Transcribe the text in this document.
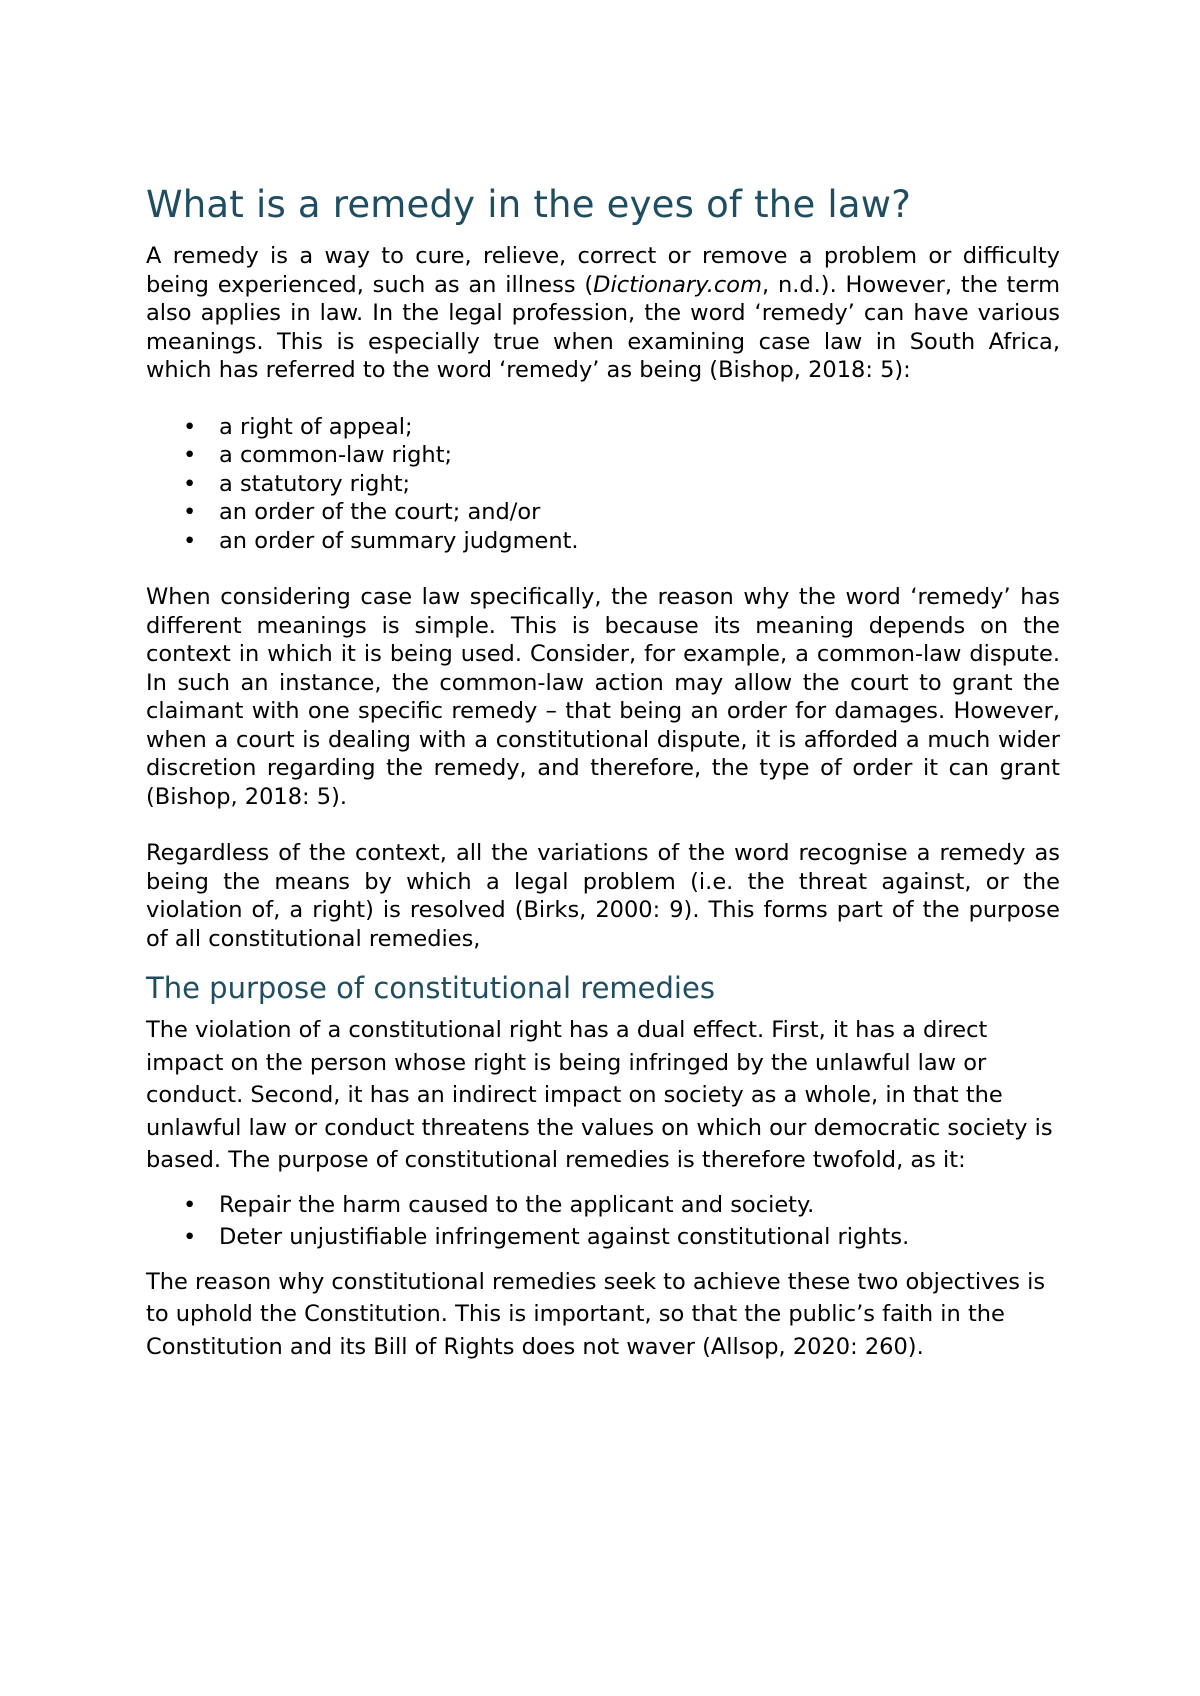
What is a remedy in the eyes of the law?

A remedy is a way to cure, relieve, correct or remove a problem or difficulty being experienced, such as an illness (Dictionary.com, n.d.). However, the term also applies in law. In the legal profession, the word ‘remedy’ can have various meanings. This is especially true when examining case law in South Africa, which has referred to the word ‘remedy’ as being (Bishop, 2018: 5):

• a right of appeal;
• a common-law right;
• a statutory right;
• an order of the court; and/or
• an order of summary judgment.

When considering case law specifically, the reason why the word ‘remedy’ has different meanings is simple. This is because its meaning depends on the context in which it is being used. Consider, for example, a common-law dispute. In such an instance, the common-law action may allow the court to grant the claimant with one specific remedy – that being an order for damages. However, when a court is dealing with a constitutional dispute, it is afforded a much wider discretion regarding the remedy, and therefore, the type of order it can grant (Bishop, 2018: 5).

Regardless of the context, all the variations of the word recognise a remedy as being the means by which a legal problem (i.e. the threat against, or the violation of, a right) is resolved (Birks, 2000: 9). This forms part of the purpose of all constitutional remedies,

The purpose of constitutional remedies

The violation of a constitutional right has a dual effect. First, it has a direct impact on the person whose right is being infringed by the unlawful law or conduct. Second, it has an indirect impact on society as a whole, in that the unlawful law or conduct threatens the values on which our democratic society is based. The purpose of constitutional remedies is therefore twofold, as it:

• Repair the harm caused to the applicant and society.
• Deter unjustifiable infringement against constitutional rights.

The reason why constitutional remedies seek to achieve these two objectives is to uphold the Constitution. This is important, so that the public’s faith in the Constitution and its Bill of Rights does not waver (Allsop, 2020: 260).
